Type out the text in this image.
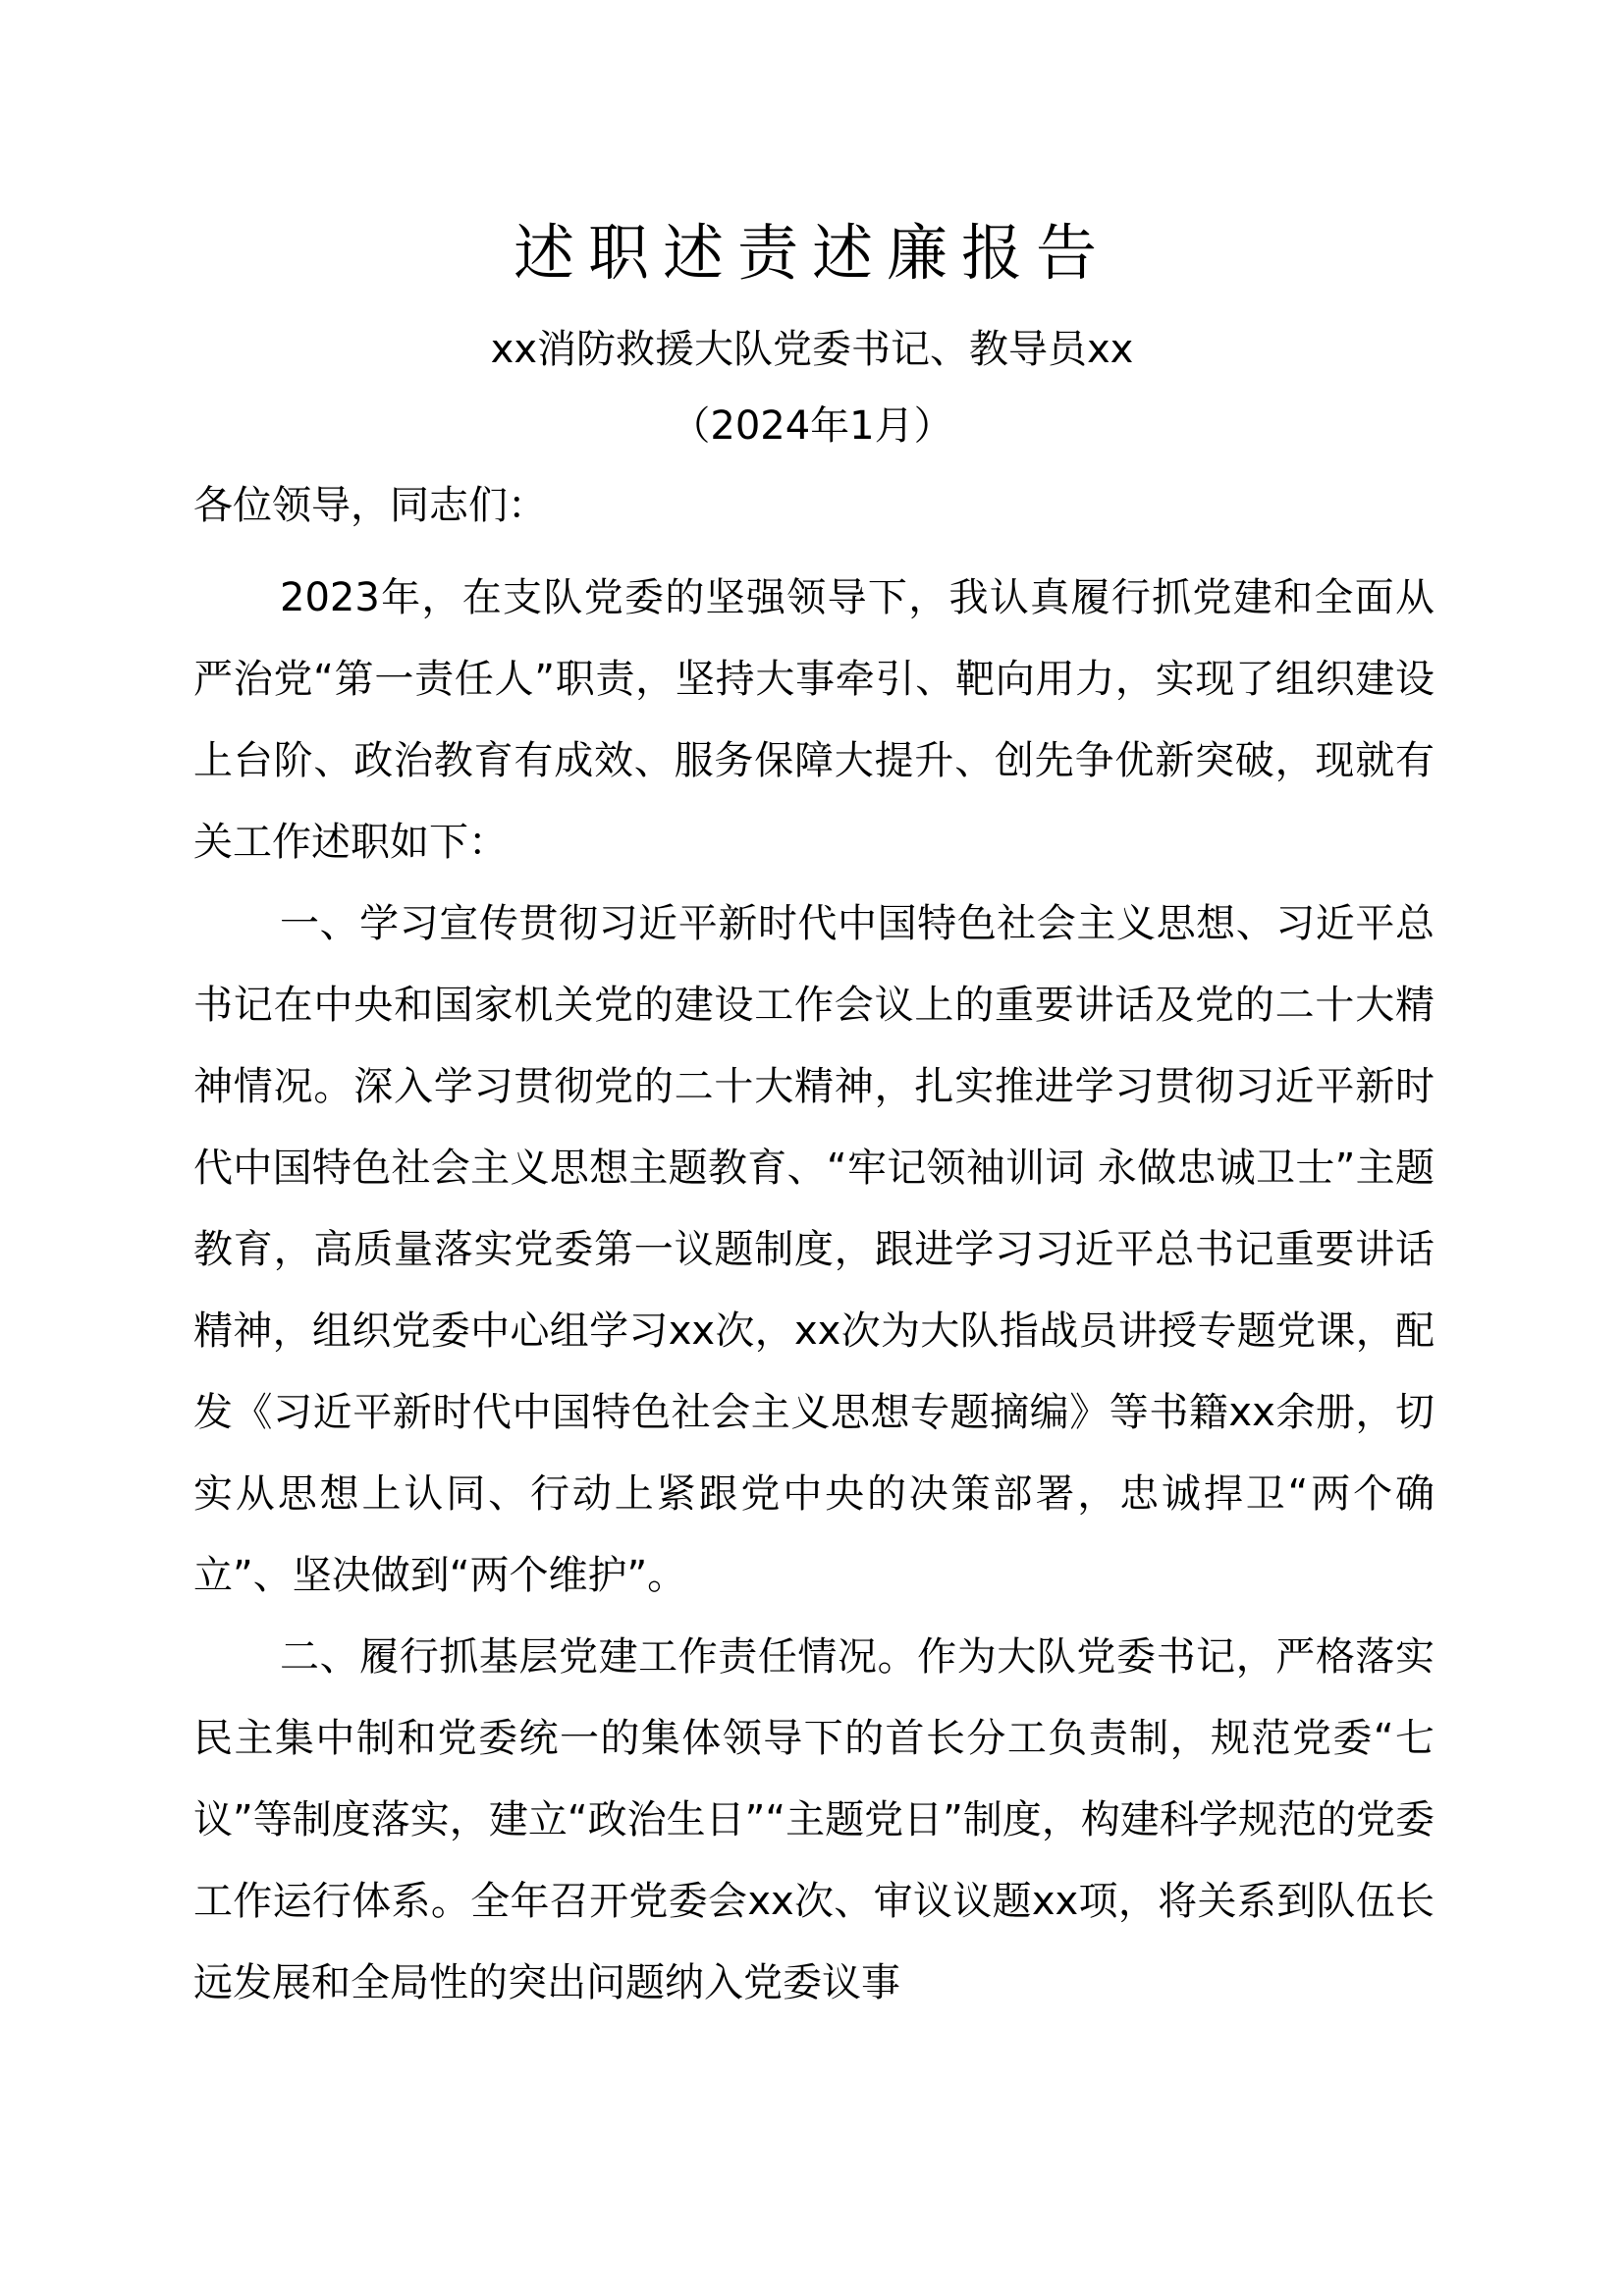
述职述责述廉报告
xx消防救援大队党委书记、教导员xx
（2024年1月）
各位领导，同志们：

2023年，在支队党委的坚强领导下，我认真履行抓党建和全面从严治党“第一责任人”职责，坚持大事牵引、靶向用力，实现了组织建设上台阶、政治教育有成效、服务保障大提升、创先争优新突破，现就有关工作述职如下：

一、学习宣传贯彻习近平新时代中国特色社会主义思想、习近平总书记在中央和国家机关党的建设工作会议上的重要讲话及党的二十大精神情况。深入学习贯彻党的二十大精神，扎实推进学习贯彻习近平新时代中国特色社会主义思想主题教育、“牢记领袖训词 永做忠诚卫士”主题教育，高质量落实党委第一议题制度，跟进学习习近平总书记重要讲话精神，组织党委中心组学习xx次，xx次为大队指战员讲授专题党课，配发《习近平新时代中国特色社会主义思想专题摘编》等书籍xx余册，切实从思想上认同、行动上紧跟党中央的决策部署，忠诚捍卫“两个确立”、坚决做到“两个维护”。

二、履行抓基层党建工作责任情况。作为大队党委书记，严格落实民主集中制和党委统一的集体领导下的首长分工负责制，规范党委“七议”等制度落实，建立“政治生日”“主题党日”制度，构建科学规范的党委工作运行体系。全年召开党委会xx次、审议议题xx项，将关系到队伍长远发展和全局性的突出问题纳入党委议事
